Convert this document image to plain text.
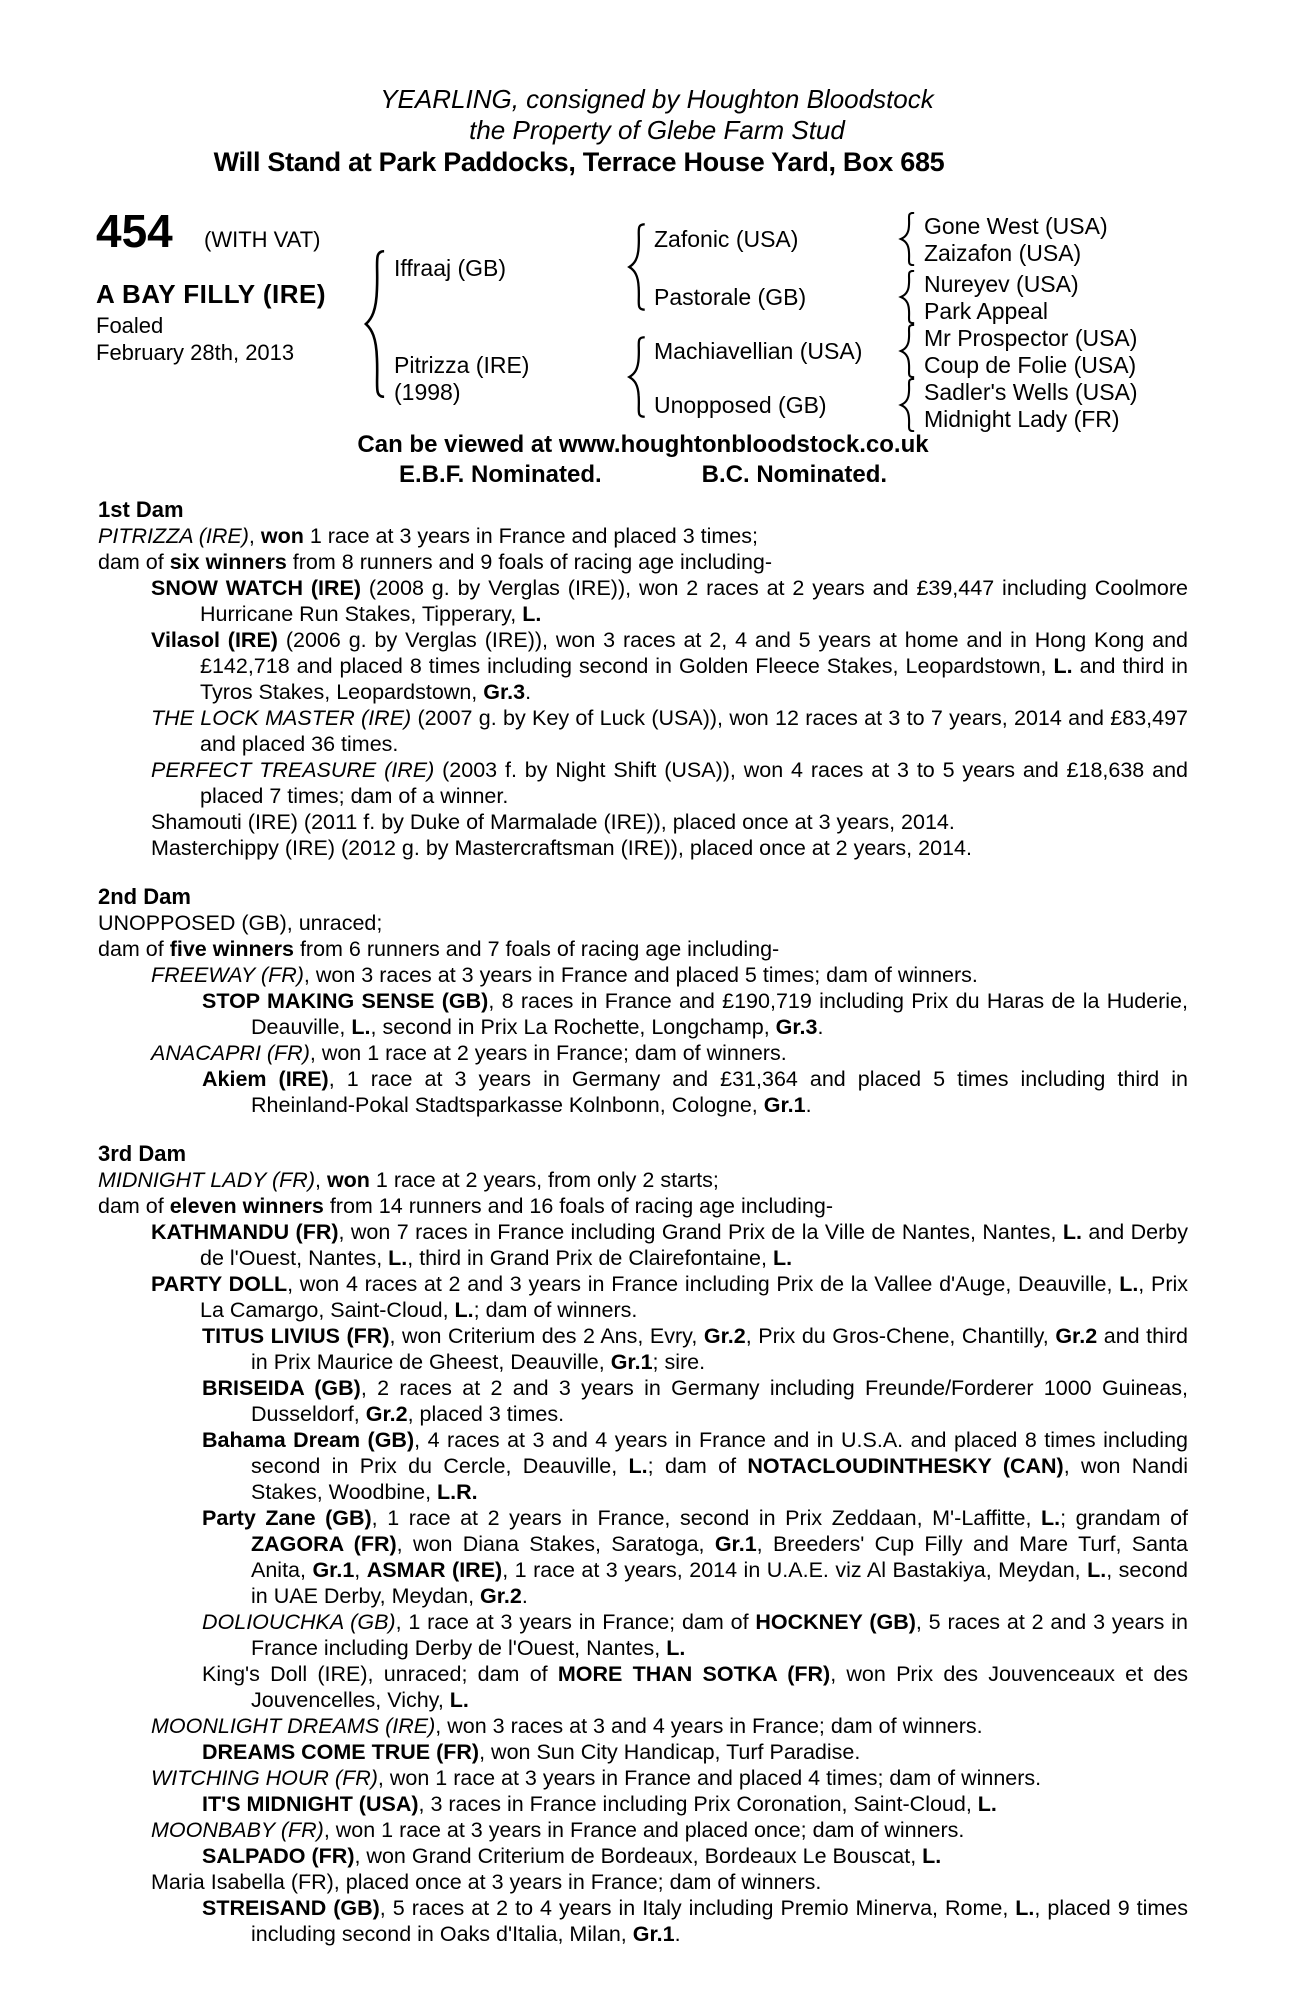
YEARLING, consigned by Houghton Bloodstock
the Property of Glebe Farm Stud
Will Stand at Park Paddocks, Terrace House Yard, Box 685
454 (WITH VAT)
A BAY FILLY (IRE)
Foaled
February 28th, 2013
Iffraaj (GB)
Pitrizza (IRE)
(1998)
Zafonic (USA)
Pastorale (GB)
Machiavellian (USA)
Unopposed (GB)
Gone West (USA)
Zaizafon (USA)
Nureyev (USA)
Park Appeal
Mr Prospector (USA)
Coup de Folie (USA)
Sadler's Wells (USA)
Midnight Lady (FR)
Can be viewed at www.houghtonbloodstock.co.uk
E.B.F. Nominated.	B.C. Nominated.
1st Dam

PITRIZZA (IRE), won 1 race at 3 years in France and placed 3 times;

dam of six winners from 8 runners and 9 foals of racing age including-

SNOW WATCH (IRE) (2008 g. by Verglas (IRE)), won 2 races at 2 years and £39,447 including Coolmore Hurricane Run Stakes, Tipperary, L.

Vilasol (IRE) (2006 g. by Verglas (IRE)), won 3 races at 2, 4 and 5 years at home and in Hong Kong and £142,718 and placed 8 times including second in Golden Fleece Stakes, Leopardstown, L. and third in Tyros Stakes, Leopardstown, Gr.3.

THE LOCK MASTER (IRE) (2007 g. by Key of Luck (USA)), won 12 races at 3 to 7 years, 2014 and £83,497 and placed 36 times.

PERFECT TREASURE (IRE) (2003 f. by Night Shift (USA)), won 4 races at 3 to 5 years and £18,638 and placed 7 times; dam of a winner.

Shamouti (IRE) (2011 f. by Duke of Marmalade (IRE)), placed once at 3 years, 2014.

Masterchippy (IRE) (2012 g. by Mastercraftsman (IRE)), placed once at 2 years, 2014.

2nd Dam

UNOPPOSED (GB), unraced;

dam of five winners from 6 runners and 7 foals of racing age including-

FREEWAY (FR), won 3 races at 3 years in France and placed 5 times; dam of winners.

STOP MAKING SENSE (GB), 8 races in France and £190,719 including Prix du Haras de la Huderie, Deauville, L., second in Prix La Rochette, Longchamp, Gr.3.

ANACAPRI (FR), won 1 race at 2 years in France; dam of winners.

Akiem (IRE), 1 race at 3 years in Germany and £31,364 and placed 5 times including third in Rheinland-Pokal Stadtsparkasse Kolnbonn, Cologne, Gr.1.

3rd Dam

MIDNIGHT LADY (FR), won 1 race at 2 years, from only 2 starts;

dam of eleven winners from 14 runners and 16 foals of racing age including-

KATHMANDU (FR), won 7 races in France including Grand Prix de la Ville de Nantes, Nantes, L. and Derby de l'Ouest, Nantes, L., third in Grand Prix de Clairefontaine, L.

PARTY DOLL, won 4 races at 2 and 3 years in France including Prix de la Vallee d'Auge, Deauville, L., Prix La Camargo, Saint-Cloud, L.; dam of winners.

TITUS LIVIUS (FR), won Criterium des 2 Ans, Evry, Gr.2, Prix du Gros-Chene, Chantilly, Gr.2 and third in Prix Maurice de Gheest, Deauville, Gr.1; sire.

BRISEIDA (GB), 2 races at 2 and 3 years in Germany including Freunde/Forderer 1000 Guineas, Dusseldorf, Gr.2, placed 3 times.

Bahama Dream (GB), 4 races at 3 and 4 years in France and in U.S.A. and placed 8 times including second in Prix du Cercle, Deauville, L.; dam of NOTACLOUDINTHESKY (CAN), won Nandi Stakes, Woodbine, L.R.

Party Zane (GB), 1 race at 2 years in France, second in Prix Zeddaan, M'-Laffitte, L.; grandam of ZAGORA (FR), won Diana Stakes, Saratoga, Gr.1, Breeders' Cup Filly and Mare Turf, Santa Anita, Gr.1, ASMAR (IRE), 1 race at 3 years, 2014 in U.A.E. viz Al Bastakiya, Meydan, L., second in UAE Derby, Meydan, Gr.2.

DOLIOUCHKA (GB), 1 race at 3 years in France; dam of HOCKNEY (GB), 5 races at 2 and 3 years in France including Derby de l'Ouest, Nantes, L.

King's Doll (IRE), unraced; dam of MORE THAN SOTKA (FR), won Prix des Jouvenceaux et des Jouvencelles, Vichy, L.

MOONLIGHT DREAMS (IRE), won 3 races at 3 and 4 years in France; dam of winners.

DREAMS COME TRUE (FR), won Sun City Handicap, Turf Paradise.

WITCHING HOUR (FR), won 1 race at 3 years in France and placed 4 times; dam of winners.

IT'S MIDNIGHT (USA), 3 races in France including Prix Coronation, Saint-Cloud, L.

MOONBABY (FR), won 1 race at 3 years in France and placed once; dam of winners.

SALPADO (FR), won Grand Criterium de Bordeaux, Bordeaux Le Bouscat, L.

Maria Isabella (FR), placed once at 3 years in France; dam of winners.

STREISAND (GB), 5 races at 2 to 4 years in Italy including Premio Minerva, Rome, L., placed 9 times including second in Oaks d'Italia, Milan, Gr.1.
